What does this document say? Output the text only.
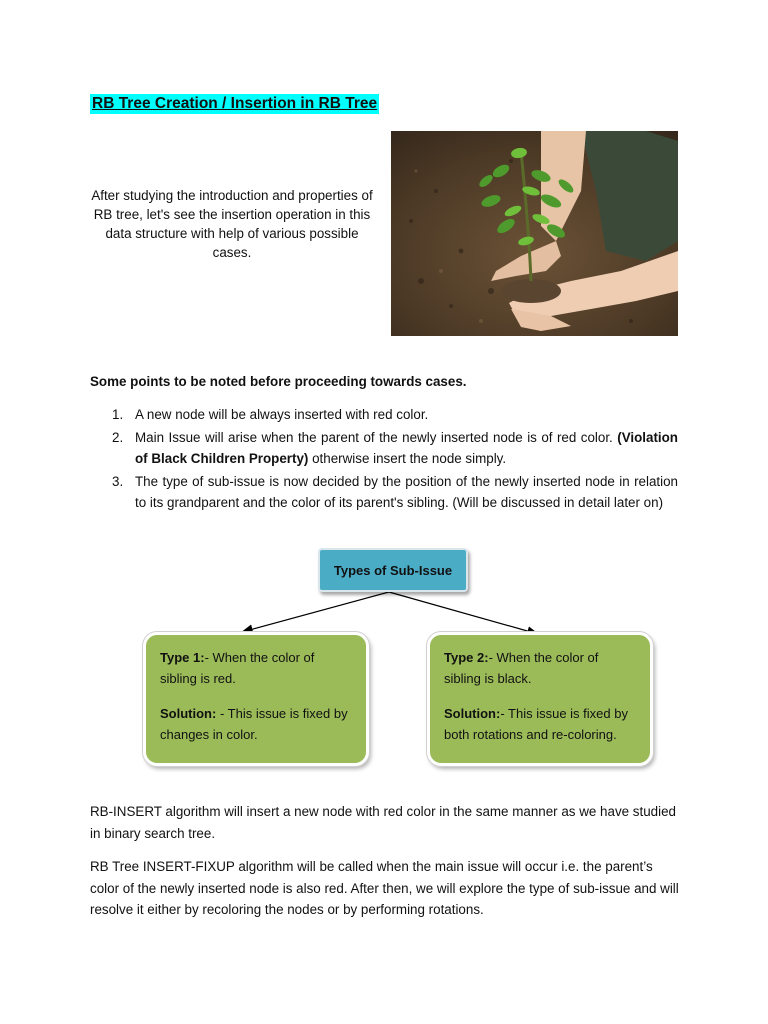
RB Tree Creation / Insertion in RB Tree

After studying the introduction and properties of RB tree, let's see the insertion operation in this data structure with help of various possible cases.

Some points to be noted before proceeding towards cases.

1. A new node will be always inserted with red color.
2. Main Issue will arise when the parent of the newly inserted node is of red color. (Violation of Black Children Property) otherwise insert the node simply.
3. The type of sub-issue is now decided by the position of the newly inserted node in relation to its grandparent and the color of its parent's sibling. (Will be discussed in detail later on)
Types of Sub-Issue

Type 1:- When the color of sibling is red.

Solution: - This issue is fixed by changes in color.

Type 2:- When the color of sibling is black.

Solution:- This issue is fixed by both rotations and re-coloring.

RB-INSERT algorithm will insert a new node with red color in the same manner as we have studied in binary search tree.

RB Tree INSERT-FIXUP algorithm will be called when the main issue will occur i.e. the parent’s color of the newly inserted node is also red. After then, we will explore the type of sub-issue and will resolve it either by recoloring the nodes or by performing rotations.
